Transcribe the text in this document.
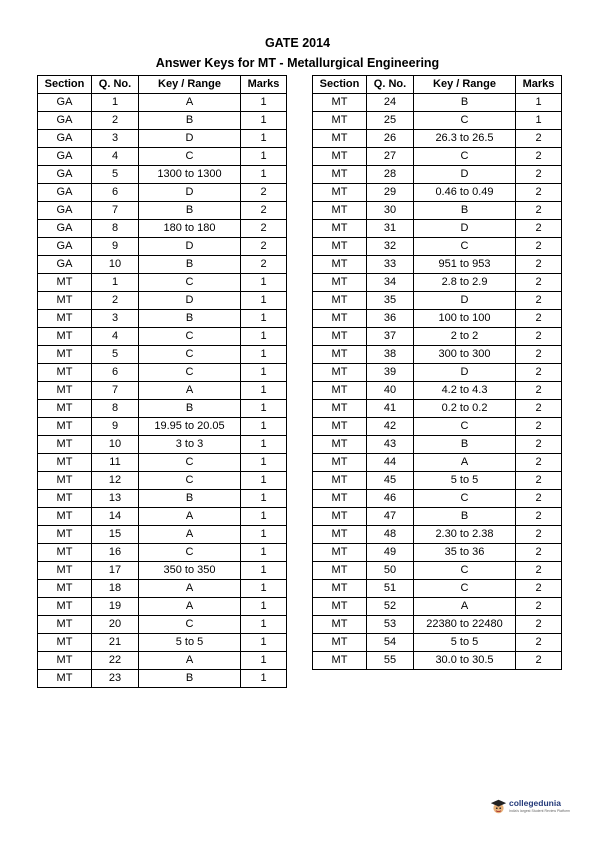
GATE 2014
Answer Keys for MT - Metallurgical Engineering
Section	Q. No.	Key / Range	Marks
GA	1	A	1
GA	2	B	1
GA	3	D	1
GA	4	C	1
GA	5	1300 to 1300	1
GA	6	D	2
GA	7	B	2
GA	8	180 to 180	2
GA	9	D	2
GA	10	B	2
MT	1	C	1
MT	2	D	1
MT	3	B	1
MT	4	C	1
MT	5	C	1
MT	6	C	1
MT	7	A	1
MT	8	B	1
MT	9	19.95 to 20.05	1
MT	10	3 to 3	1
MT	11	C	1
MT	12	C	1
MT	13	B	1
MT	14	A	1
MT	15	A	1
MT	16	C	1
MT	17	350 to 350	1
MT	18	A	1
MT	19	A	1
MT	20	C	1
MT	21	5 to 5	1
MT	22	A	1
MT	23	B	1
Section	Q. No.	Key / Range	Marks
MT	24	B	1
MT	25	C	1
MT	26	26.3 to 26.5	2
MT	27	C	2
MT	28	D	2
MT	29	0.46 to 0.49	2
MT	30	B	2
MT	31	D	2
MT	32	C	2
MT	33	951 to 953	2
MT	34	2.8 to 2.9	2
MT	35	D	2
MT	36	100 to 100	2
MT	37	2 to 2	2
MT	38	300 to 300	2
MT	39	D	2
MT	40	4.2 to 4.3	2
MT	41	0.2 to 0.2	2
MT	42	C	2
MT	43	B	2
MT	44	A	2
MT	45	5 to 5	2
MT	46	C	2
MT	47	B	2
MT	48	2.30 to 2.38	2
MT	49	35 to 36	2
MT	50	C	2
MT	51	C	2
MT	52	A	2
MT	53	22380 to 22480	2
MT	54	5 to 5	2
MT	55	30.0 to 30.5	2
collegedunia
India's largest Student Review Platform
